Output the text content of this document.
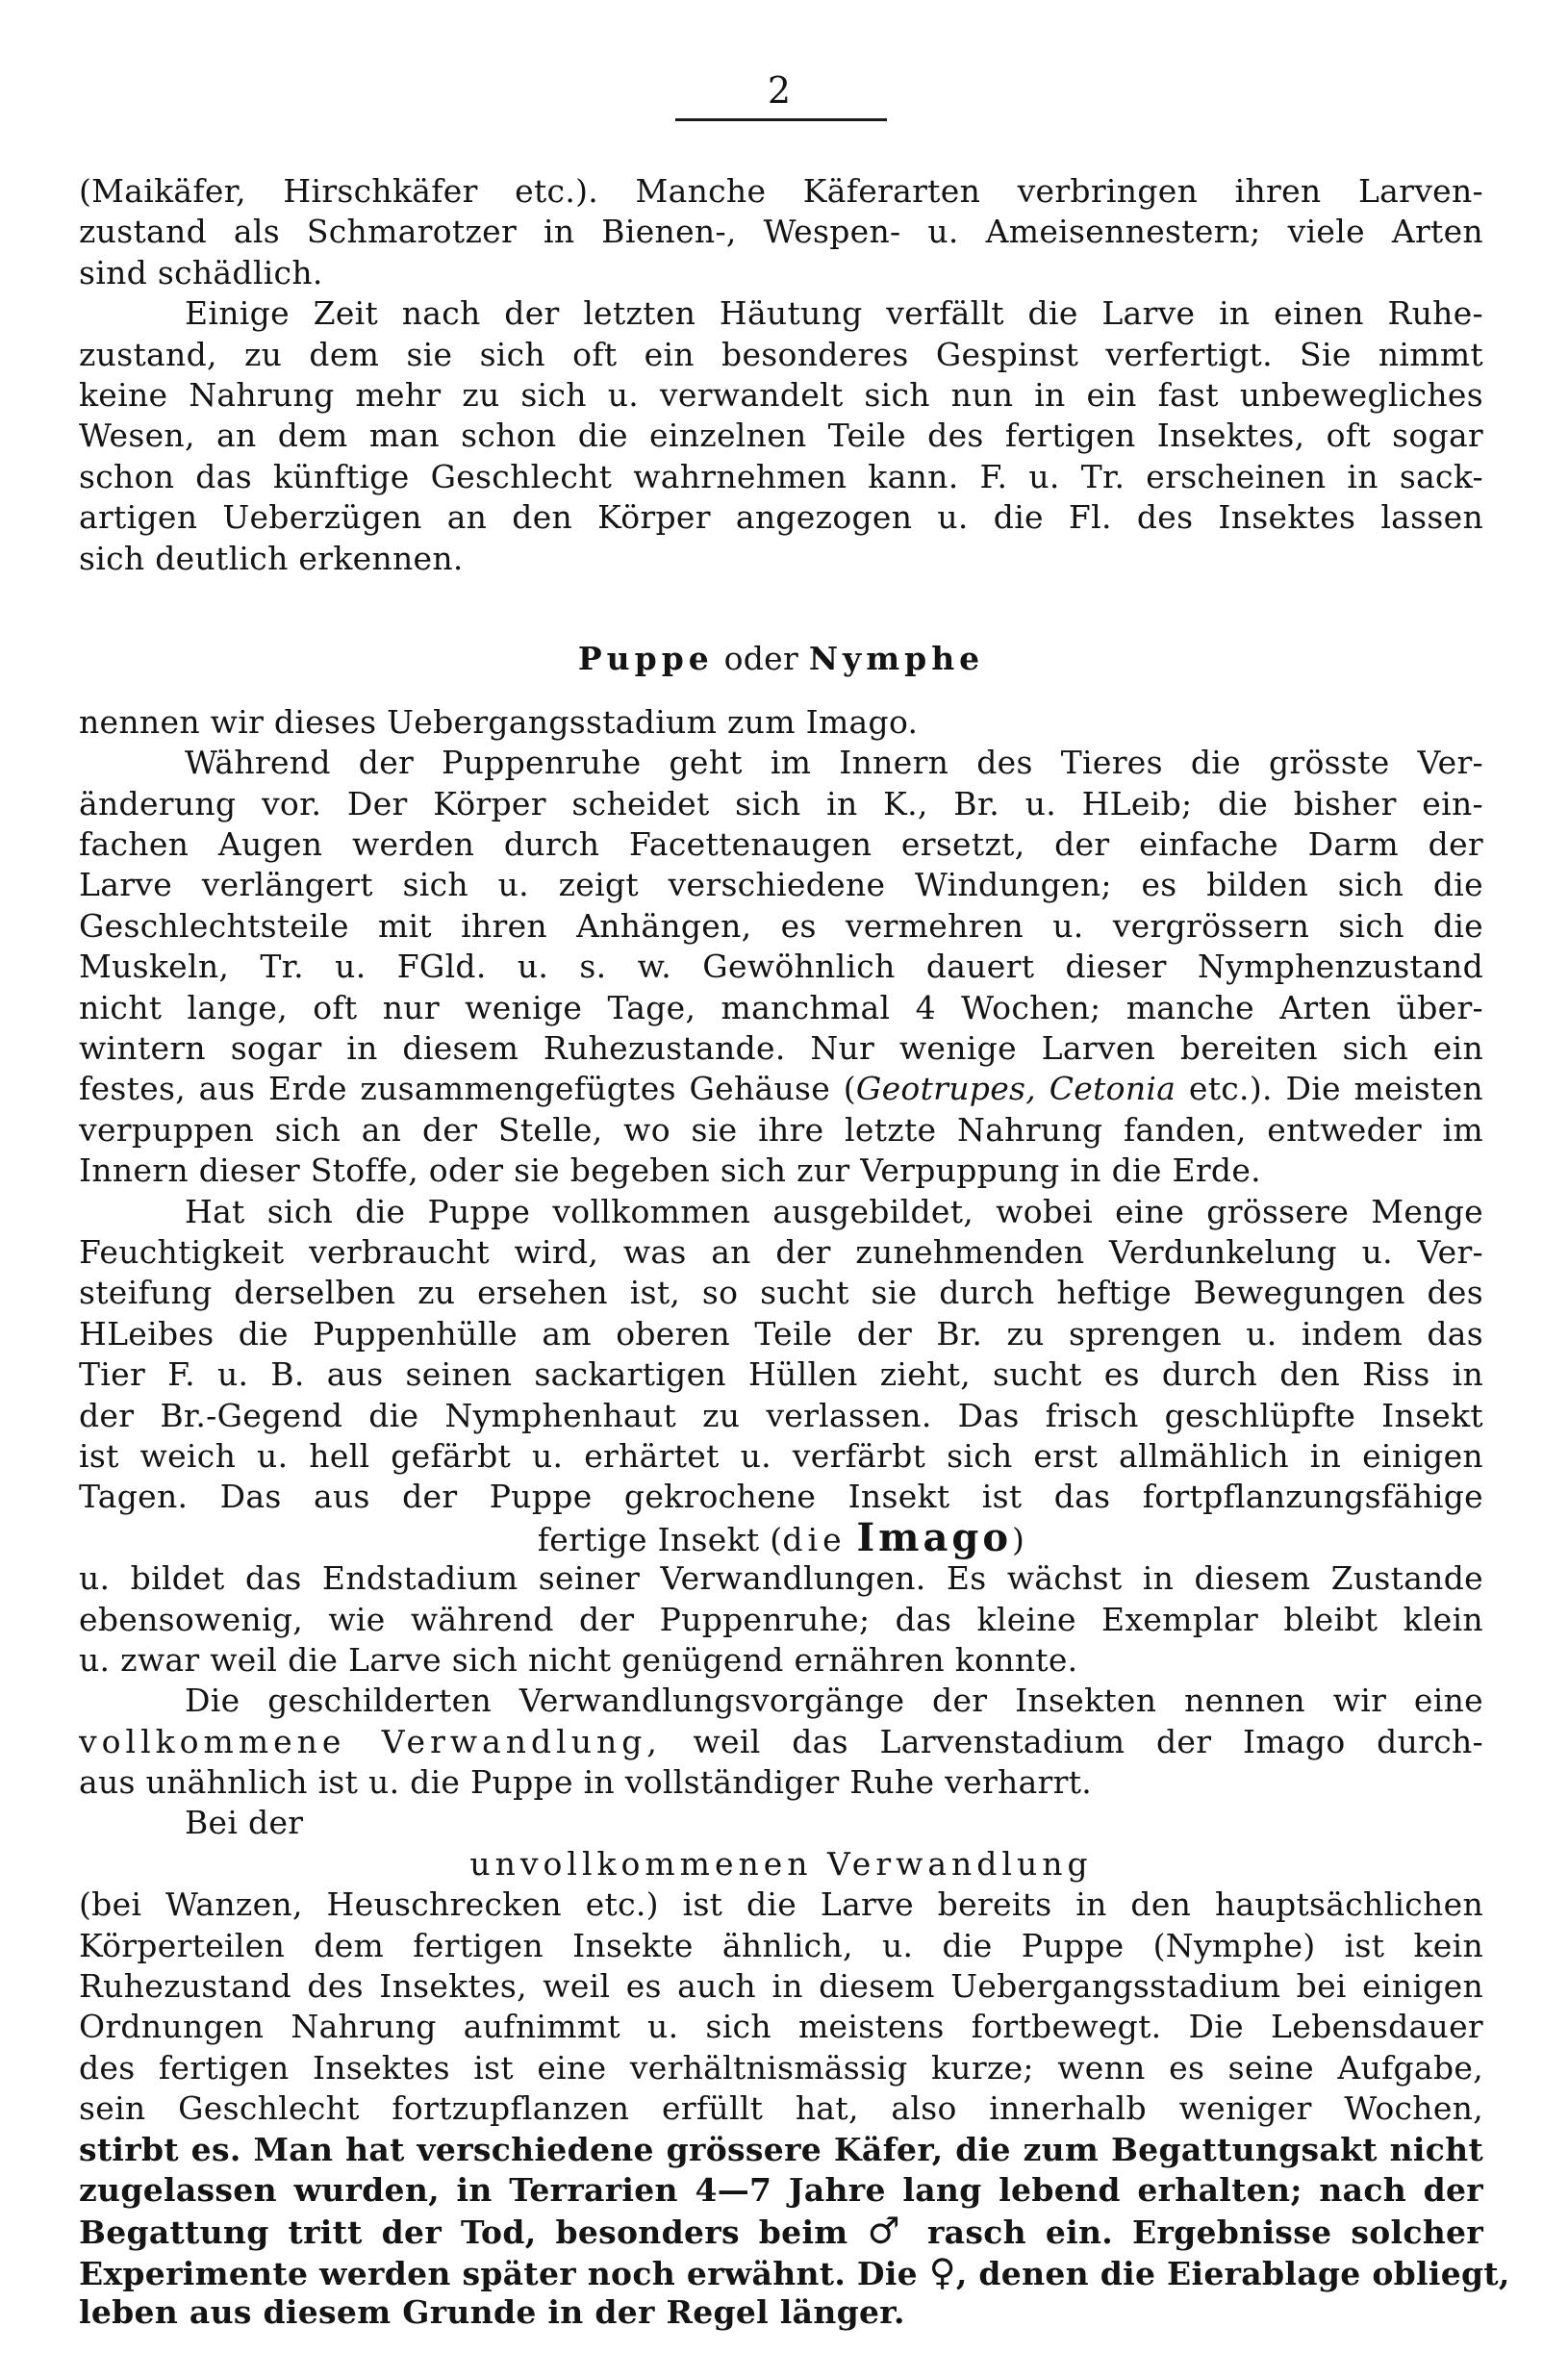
2
(Maikäfer, Hirschkäfer etc.). Manche Käferarten verbringen ihren Larven-
zustand als Schmarotzer in Bienen-, Wespen- u. Ameisennestern; viele Arten
sind schädlich.
Einige Zeit nach der letzten Häutung verfällt die Larve in einen Ruhe-
zustand, zu dem sie sich oft ein besonderes Gespinst verfertigt. Sie nimmt
keine Nahrung mehr zu sich u. verwandelt sich nun in ein fast unbewegliches
Wesen, an dem man schon die einzelnen Teile des fertigen Insektes, oft sogar
schon das künftige Geschlecht wahrnehmen kann. F. u. Tr. erscheinen in sack-
artigen Ueberzügen an den Körper angezogen u. die Fl. des Insektes lassen
sich deutlich erkennen.
Puppe oder Nymphe
nennen wir dieses Uebergangsstadium zum Imago.
Während der Puppenruhe geht im Innern des Tieres die grösste Ver-
änderung vor. Der Körper scheidet sich in K., Br. u. HLeib; die bisher ein-
fachen Augen werden durch Facettenaugen ersetzt, der einfache Darm der
Larve verlängert sich u. zeigt verschiedene Windungen; es bilden sich die
Geschlechtsteile mit ihren Anhängen, es vermehren u. vergrössern sich die
Muskeln, Tr. u. FGld. u. s. w. Gewöhnlich dauert dieser Nymphenzustand
nicht lange, oft nur wenige Tage, manchmal 4 Wochen; manche Arten über-
wintern sogar in diesem Ruhezustande. Nur wenige Larven bereiten sich ein
festes, aus Erde zusammengefügtes Gehäuse (Geotrupes, Cetonia etc.). Die meisten
verpuppen sich an der Stelle, wo sie ihre letzte Nahrung fanden, entweder im
Innern dieser Stoffe, oder sie begeben sich zur Verpuppung in die Erde.
Hat sich die Puppe vollkommen ausgebildet, wobei eine grössere Menge
Feuchtigkeit verbraucht wird, was an der zunehmenden Verdunkelung u. Ver-
steifung derselben zu ersehen ist, so sucht sie durch heftige Bewegungen des
HLeibes die Puppenhülle am oberen Teile der Br. zu sprengen u. indem das
Tier F. u. B. aus seinen sackartigen Hüllen zieht, sucht es durch den Riss in
der Br.-Gegend die Nymphenhaut zu verlassen. Das frisch geschlüpfte Insekt
ist weich u. hell gefärbt u. erhärtet u. verfärbt sich erst allmählich in einigen
Tagen. Das aus der Puppe gekrochene Insekt ist das fortpflanzungsfähige
fertige Insekt (die Imago)
u. bildet das Endstadium seiner Verwandlungen. Es wächst in diesem Zustande
ebensowenig, wie während der Puppenruhe; das kleine Exemplar bleibt klein
u. zwar weil die Larve sich nicht genügend ernähren konnte.
Die geschilderten Verwandlungsvorgänge der Insekten nennen wir eine
vollkommene Verwandlung, weil das Larvenstadium der Imago durch-
aus unähnlich ist u. die Puppe in vollständiger Ruhe verharrt.
Bei der
unvollkommenen Verwandlung
(bei Wanzen, Heuschrecken etc.) ist die Larve bereits in den hauptsächlichen
Körperteilen dem fertigen Insekte ähnlich, u. die Puppe (Nymphe) ist kein
Ruhezustand des Insektes, weil es auch in diesem Uebergangsstadium bei einigen
Ordnungen Nahrung aufnimmt u. sich meistens fortbewegt. Die Lebensdauer
des fertigen Insektes ist eine verhältnismässig kurze; wenn es seine Aufgabe,
sein Geschlecht fortzupflanzen erfüllt hat, also innerhalb weniger Wochen,
stirbt es. Man hat verschiedene grössere Käfer, die zum Begattungsakt nicht
zugelassen wurden, in Terrarien 4—7 Jahre lang lebend erhalten; nach der
Begattung tritt der Tod, besonders beim ♂ rasch ein. Ergebnisse solcher
Experimente werden später noch erwähnt. Die ♀, denen die Eierablage obliegt,
leben aus diesem Grunde in der Regel länger.
